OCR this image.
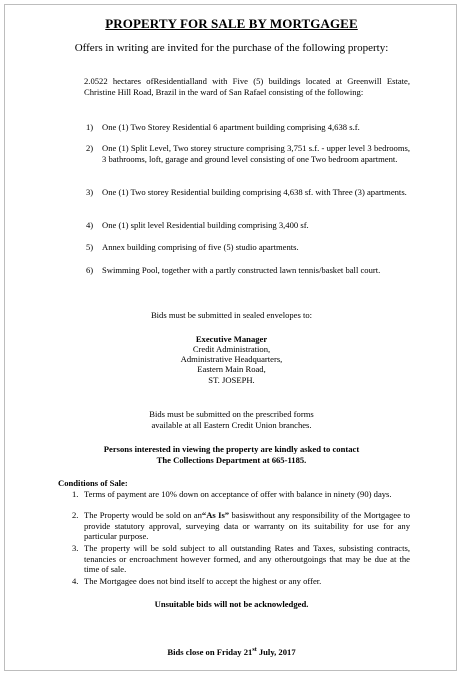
PROPERTY FOR SALE BY MORTGAGEE
Offers in writing are invited for the purchase of the following property:
2.0522 hectares ofResidentialland with Five (5) buildings located at Greenwill Estate, Christine Hill Road, Brazil in the ward of San Rafael consisting of the following:
1) One (1) Two Storey Residential 6 apartment building comprising 4,638 s.f.
2) One (1) Split Level, Two storey structure comprising 3,751 s.f. - upper level 3 bedrooms, 3 bathrooms, loft, garage and ground level consisting of one Two bedroom apartment.
3) One (1) Two storey Residential building comprising 4,638 sf. with Three (3) apartments.
4) One (1) split level Residential building comprising 3,400 sf.
5) Annex building comprising of five (5) studio apartments.
6) Swimming Pool, together with a partly constructed lawn tennis/basket ball court.
Bids must be submitted in sealed envelopes to:
Executive Manager
Credit Administration,
Administrative Headquarters,
Eastern Main Road,
ST. JOSEPH.
Bids must be submitted on the prescribed forms
available at all Eastern Credit Union branches.
Persons interested in viewing the property are kindly asked to contact
The Collections Department at 665-1185.
Conditions of Sale:
1. Terms of payment are 10% down on acceptance of offer with balance in ninety (90) days.
2. The Property would be sold on an“As Is” basiswithout any responsibility of the Mortgagee to provide statutory approval, surveying data or warranty on its suitability for use for any particular purpose.
3. The property will be sold subject to all outstanding Rates and Taxes, subsisting contracts, tenancies or encroachment however formed, and any otheroutgoings that may be due at the time of sale.
4. The Mortgagee does not bind itself to accept the highest or any offer.
Unsuitable bids will not be acknowledged.
Bids close on Friday 21st July, 2017
